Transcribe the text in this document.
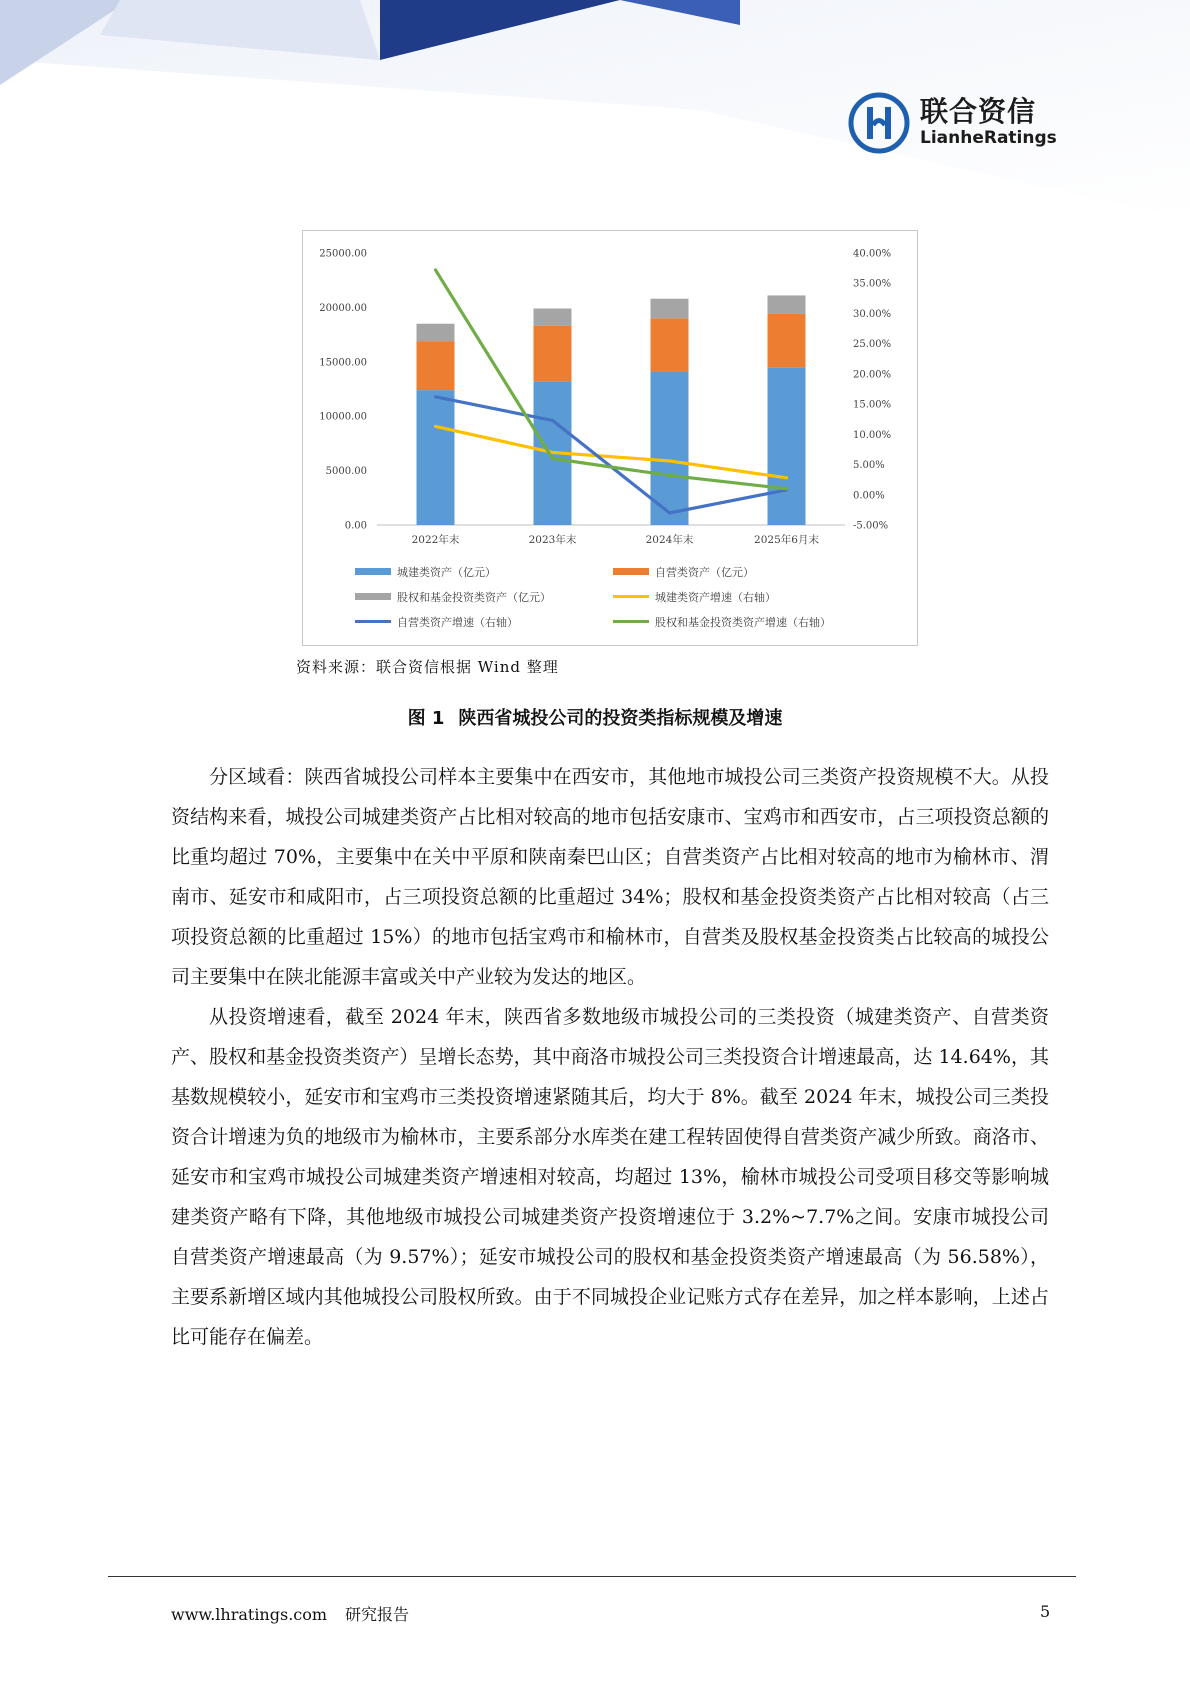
联合资信
LianheRatings
25000.00
20000.00
15000.00
10000.00
5000.00
0.00
40.00%
35.00%
30.00%
25.00%
20.00%
15.00%
10.00%
5.00%
0.00%
-5.00%
2022年末	2023年末	2024年末	2025年6月末
城建类资产（亿元）	自营类资产（亿元）
股权和基金投资类资产（亿元）	城建类资产增速（右轴）
自营类资产增速（右轴）	股权和基金投资类资产增速（右轴）
资料来源：联合资信根据 Wind 整理
图 1 陕西省城投公司的投资类指标规模及增速

分区域看：陕西省城投公司样本主要集中在西安市，其他地市城投公司三类资产投资规模不大。从投资结构来看，城投公司城建类资产占比相对较高的地市包括安康市、宝鸡市和西安市，占三项投资总额的比重均超过 70%，主要集中在关中平原和陕南秦巴山区；自营类资产占比相对较高的地市为榆林市、渭南市、延安市和咸阳市，占三项投资总额的比重超过 34%；股权和基金投资类资产占比相对较高（占三项投资总额的比重超过 15%）的地市包括宝鸡市和榆林市，自营类及股权基金投资类占比较高的城投公司主要集中在陕北能源丰富或关中产业较为发达的地区。

从投资增速看，截至 2024 年末，陕西省多数地级市城投公司的三类投资（城建类资产、自营类资产、股权和基金投资类资产）呈增长态势，其中商洛市城投公司三类投资合计增速最高，达 14.64%，其基数规模较小，延安市和宝鸡市三类投资增速紧随其后，均大于 8%。截至 2024 年末，城投公司三类投资合计增速为负的地级市为榆林市，主要系部分水库类在建工程转固使得自营类资产减少所致。商洛市、延安市和宝鸡市城投公司城建类资产增速相对较高，均超过 13%，榆林市城投公司受项目移交等影响城建类资产略有下降，其他地级市城投公司城建类资产投资增速位于 3.2%~7.7%之间。安康市城投公司自营类资产增速最高（为 9.57%）；延安市城投公司的股权和基金投资类资产增速最高（为 56.58%），主要系新增区域内其他城投公司股权所致。由于不同城投企业记账方式存在差异，加之样本影响，上述占比可能存在偏差。

www.lhratings.com 研究报告	5
